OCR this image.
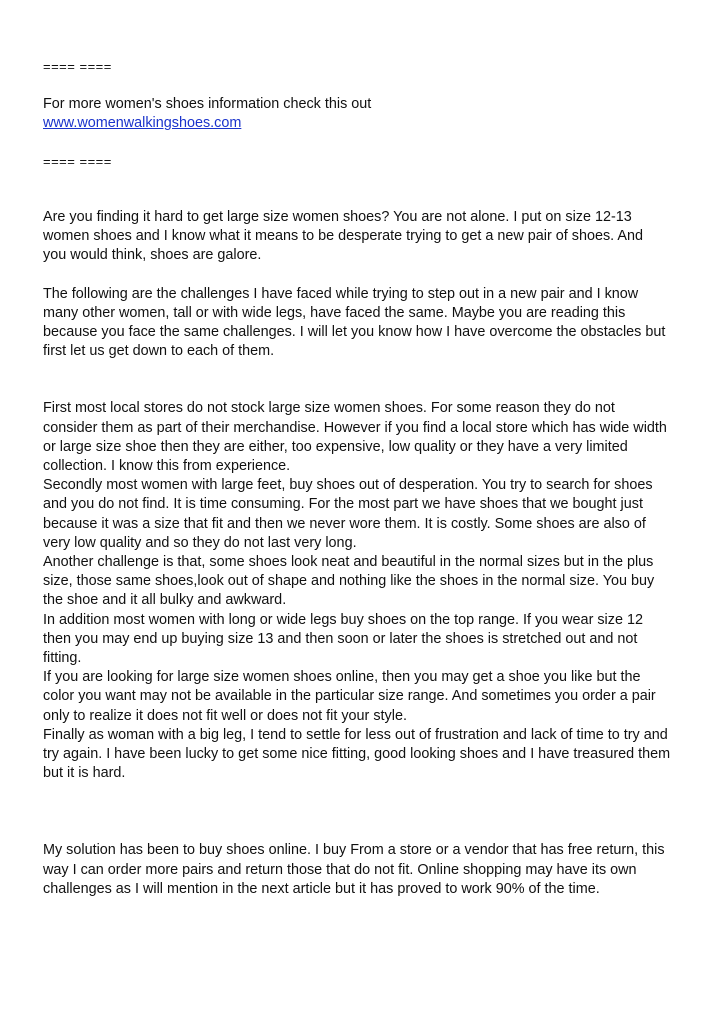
==== ====
For more women's shoes information check this out
www.womenwalkingshoes.com
==== ====
Are you finding it hard to get large size women shoes? You are not alone. I put on size 12-13
women shoes and I know what it means to be desperate trying to get a new pair of shoes. And
you would think, shoes are galore.
The following are the challenges I have faced while trying to step out in a new pair and I know
many other women, tall or with wide legs, have faced the same. Maybe you are reading this
because you face the same challenges. I will let you know how I have overcome the obstacles but
first let us get down to each of them.
First most local stores do not stock large size women shoes. For some reason they do not
consider them as part of their merchandise. However if you find a local store which has wide width
or large size shoe then they are either, too expensive, low quality or they have a very limited
collection. I know this from experience.
Secondly most women with large feet, buy shoes out of desperation. You try to search for shoes
and you do not find. It is time consuming. For the most part we have shoes that we bought just
because it was a size that fit and then we never wore them. It is costly. Some shoes are also of
very low quality and so they do not last very long.
Another challenge is that, some shoes look neat and beautiful in the normal sizes but in the plus
size, those same shoes,look out of shape and nothing like the shoes in the normal size. You buy
the shoe and it all bulky and awkward.
In addition most women with long or wide legs buy shoes on the top range. If you wear size 12
then you may end up buying size 13 and then soon or later the shoes is stretched out and not
fitting.
If you are looking for large size women shoes online, then you may get a shoe you like but the
color you want may not be available in the particular size range. And sometimes you order a pair
only to realize it does not fit well or does not fit your style.
Finally as woman with a big leg, I tend to settle for less out of frustration and lack of time to try and
try again. I have been lucky to get some nice fitting, good looking shoes and I have treasured them
but it is hard.
My solution has been to buy shoes online. I buy From a store or a vendor that has free return, this
way I can order more pairs and return those that do not fit. Online shopping may have its own
challenges as I will mention in the next article but it has proved to work 90% of the time.
